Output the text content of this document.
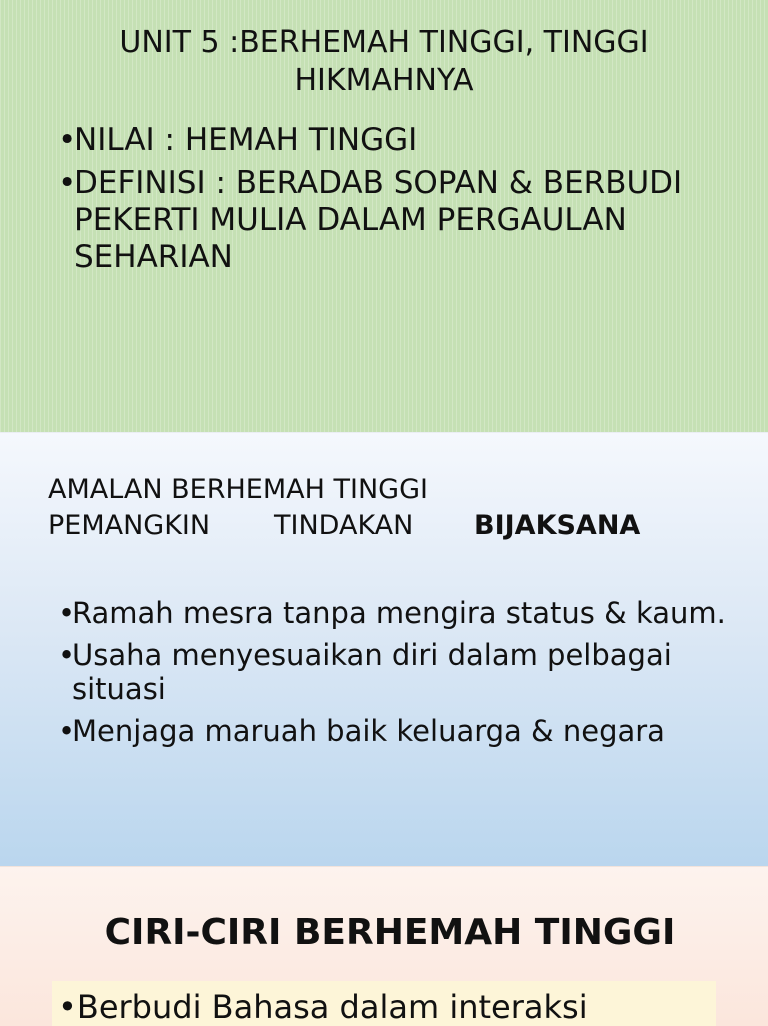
UNIT 5 :BERHEMAH TINGGI, TINGGI HIKMAHNYA
• NILAI : HEMAH TINGGI
• DEFINISI : BERADAB SOPAN & BERBUDI PEKERTI MULIA DALAM PERGAULAN SEHARIAN
AMALAN BERHEMAH TINGGI
PEMANGKIN TINDAKAN BIJAKSANA
• Ramah mesra tanpa mengira status & kaum.
• Usaha menyesuaikan diri dalam pelbagai situasi
• Menjaga maruah baik keluarga & negara
CIRI-CIRI BERHEMAH TINGGI
•Berbudi Bahasa dalam interaksi
